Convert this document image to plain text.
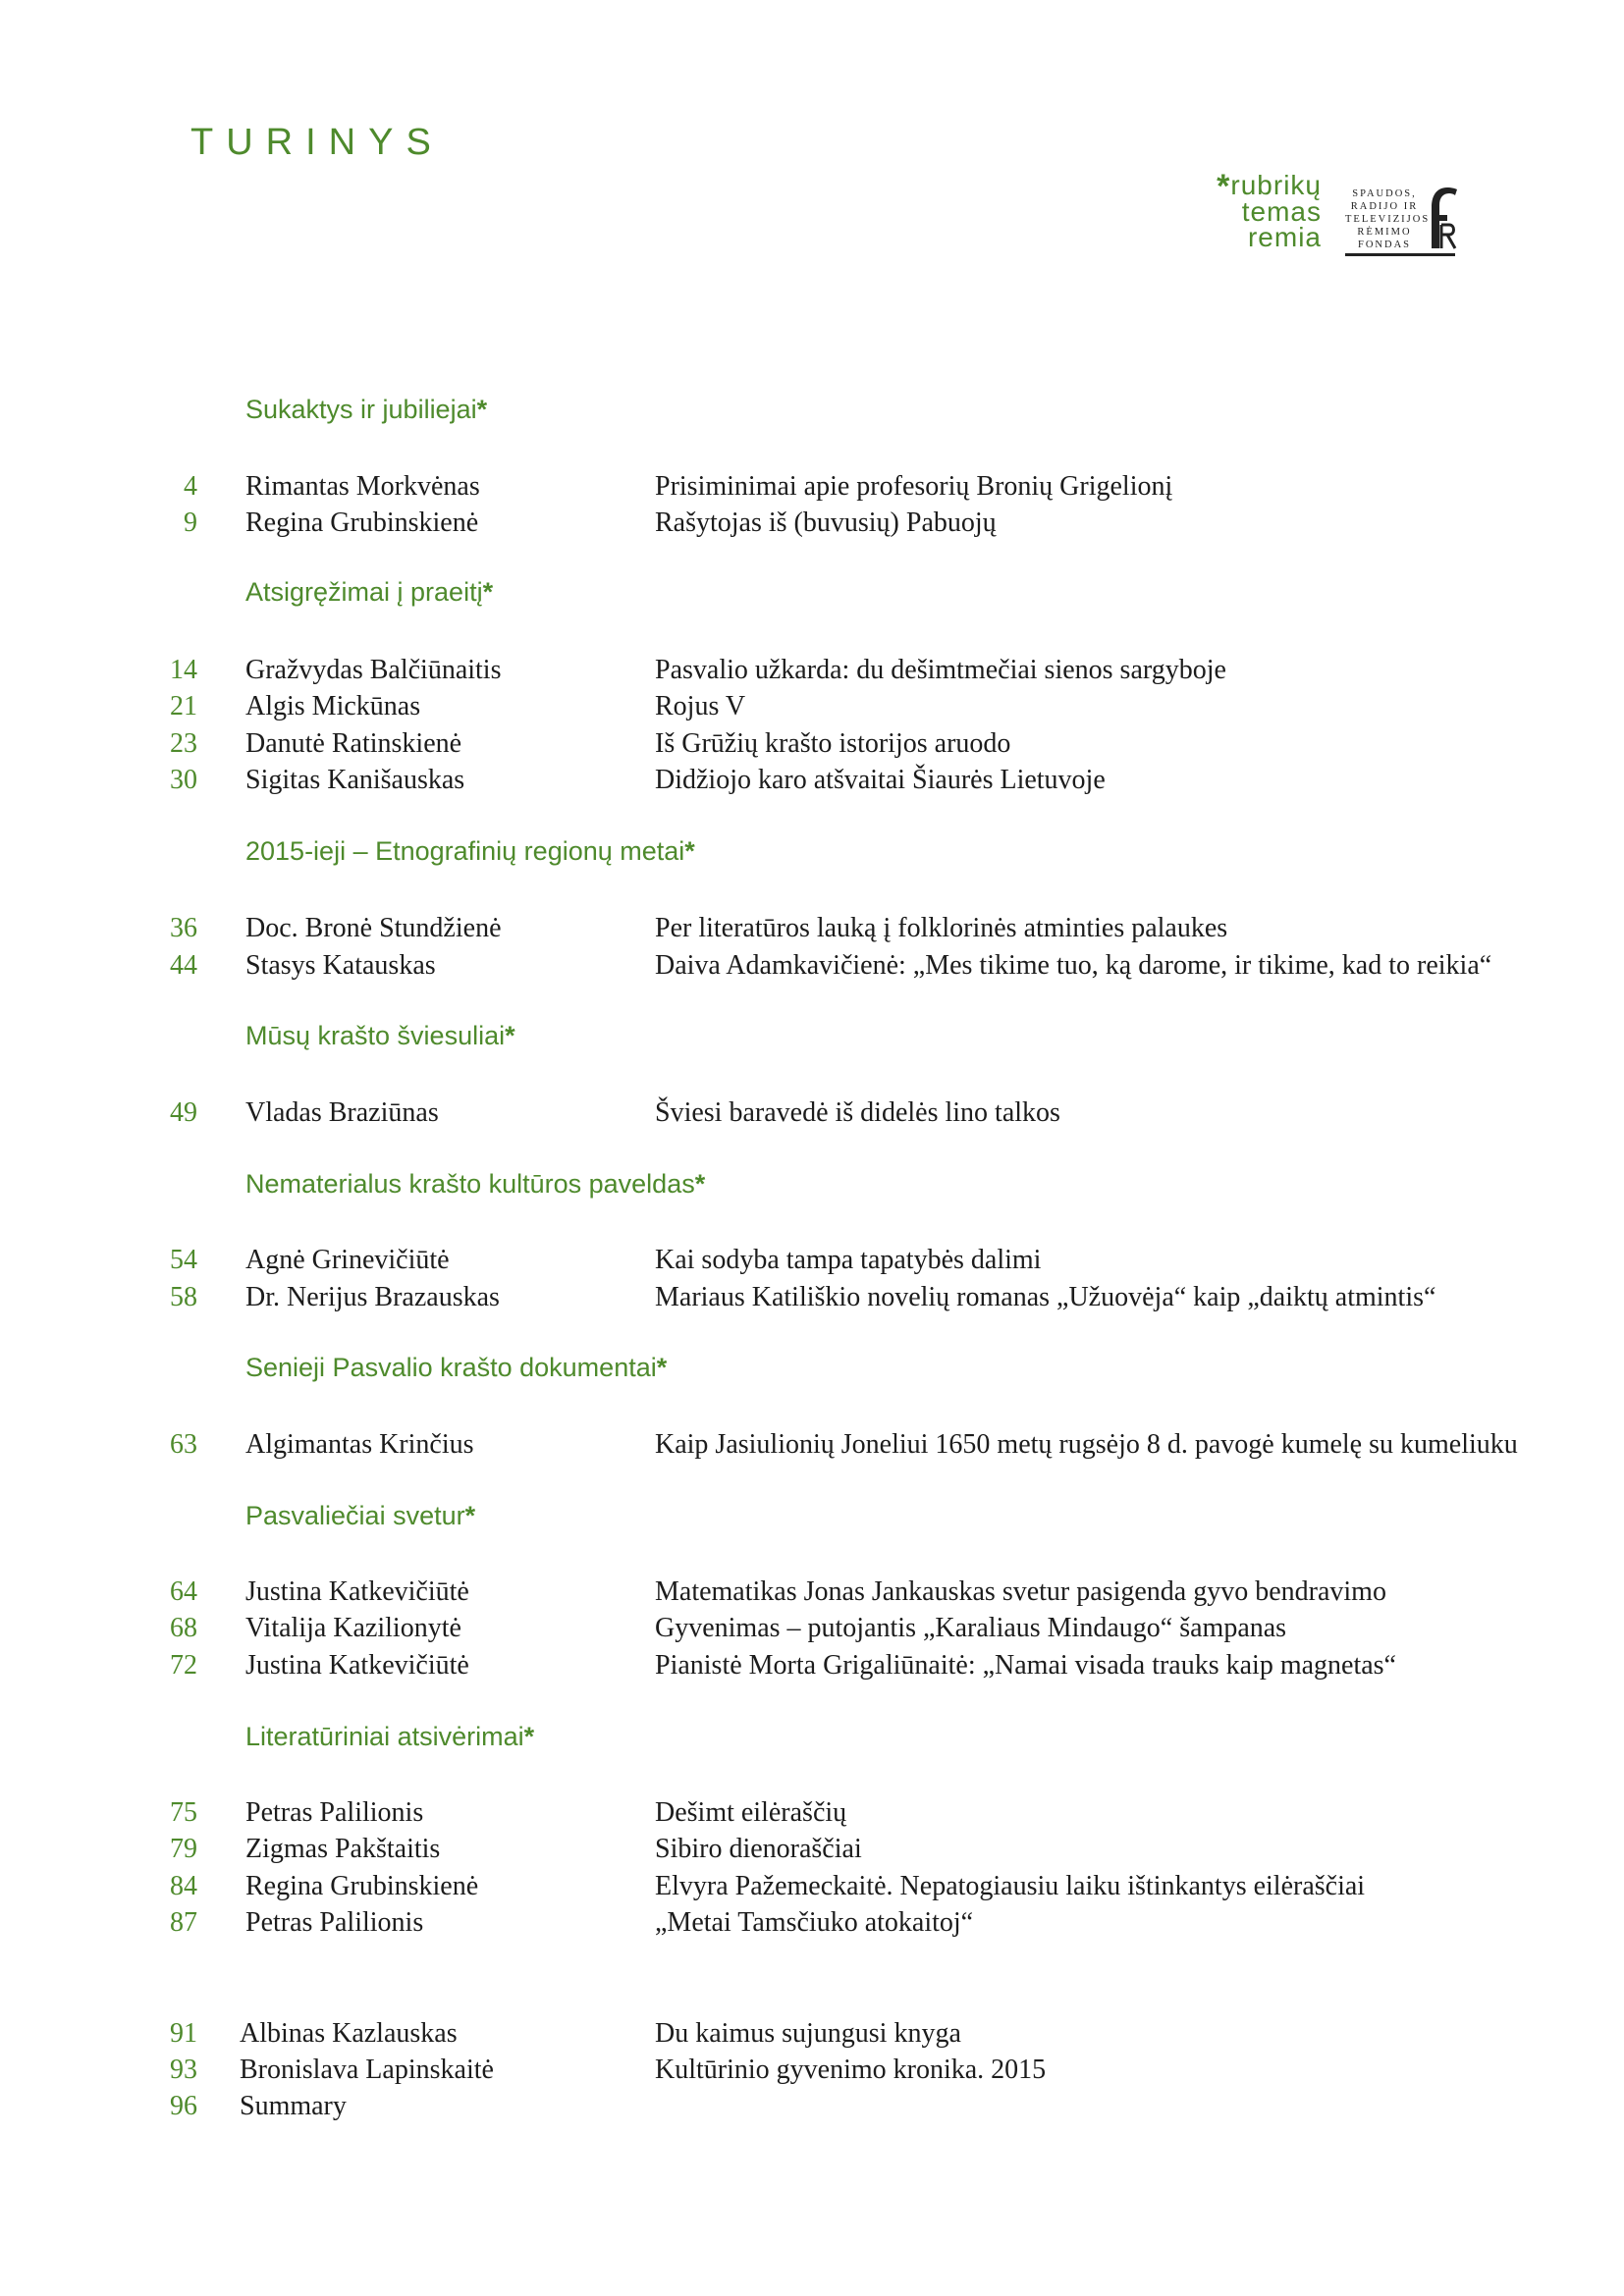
TURINYS
*rubrikų
temas
remia
SPAUDOS,
RADIJO IR
TELEVIZIJOS
RĖMIMO
FONDAS
Sukaktys ir jubiliejai*
4 Rimantas Morkvėnas	Prisiminimai apie profesorių Bronių Grigelionį
9 Regina Grubinskienė	Rašytojas iš (buvusių) Pabuojų
Atsigręžimai į praeitį*
14 Gražvydas Balčiūnaitis	Pasvalio užkarda: du dešimtmečiai sienos sargyboje
21 Algis Mickūnas	Rojus V
23 Danutė Ratinskienė	Iš Grūžių krašto istorijos aruodo
30 Sigitas Kanišauskas	Didžiojo karo atšvaitai Šiaurės Lietuvoje
2015-ieji – Etnografinių regionų metai*
36 Doc. Bronė Stundžienė	Per literatūros lauką į folklorinės atminties palaukes
44 Stasys Katauskas	Daiva Adamkavičienė: „Mes tikime tuo, ką darome, ir tikime, kad to reikia“
Mūsų krašto šviesuliai*
49 Vladas Braziūnas	Šviesi baravedė iš didelės lino talkos
Nematerialus krašto kultūros paveldas*
54 Agnė Grinevičiūtė	Kai sodyba tampa tapatybės dalimi
58 Dr. Nerijus Brazauskas	Mariaus Katiliškio novelių romanas „Užuovėja“ kaip „daiktų atmintis“
Senieji Pasvalio krašto dokumentai*
63 Algimantas Krinčius	Kaip Jasiulionių Joneliui 1650 metų rugsėjo 8 d. pavogė kumelę su kumeliuku
Pasvaliečiai svetur*
64 Justina Katkevičiūtė	Matematikas Jonas Jankauskas svetur pasigenda gyvo bendravimo
68 Vitalija Kazilionytė	Gyvenimas – putojantis „Karaliaus Mindaugo“ šampanas
72 Justina Katkevičiūtė	Pianistė Morta Grigaliūnaitė: „Namai visada trauks kaip magnetas“
Literatūriniai atsivėrimai*
75 Petras Palilionis	Dešimt eilėraščių
79 Zigmas Pakštaitis	Sibiro dienoraščiai
84 Regina Grubinskienė	Elvyra Pažemeckaitė. Nepatogiausiu laiku ištinkantys eilėraščiai
87 Petras Palilionis	„Metai Tamsčiuko atokaitoj“
91 Albinas Kazlauskas	Du kaimus sujungusi knyga
93 Bronislava Lapinskaitė	Kultūrinio gyvenimo kronika. 2015
96 Summary
